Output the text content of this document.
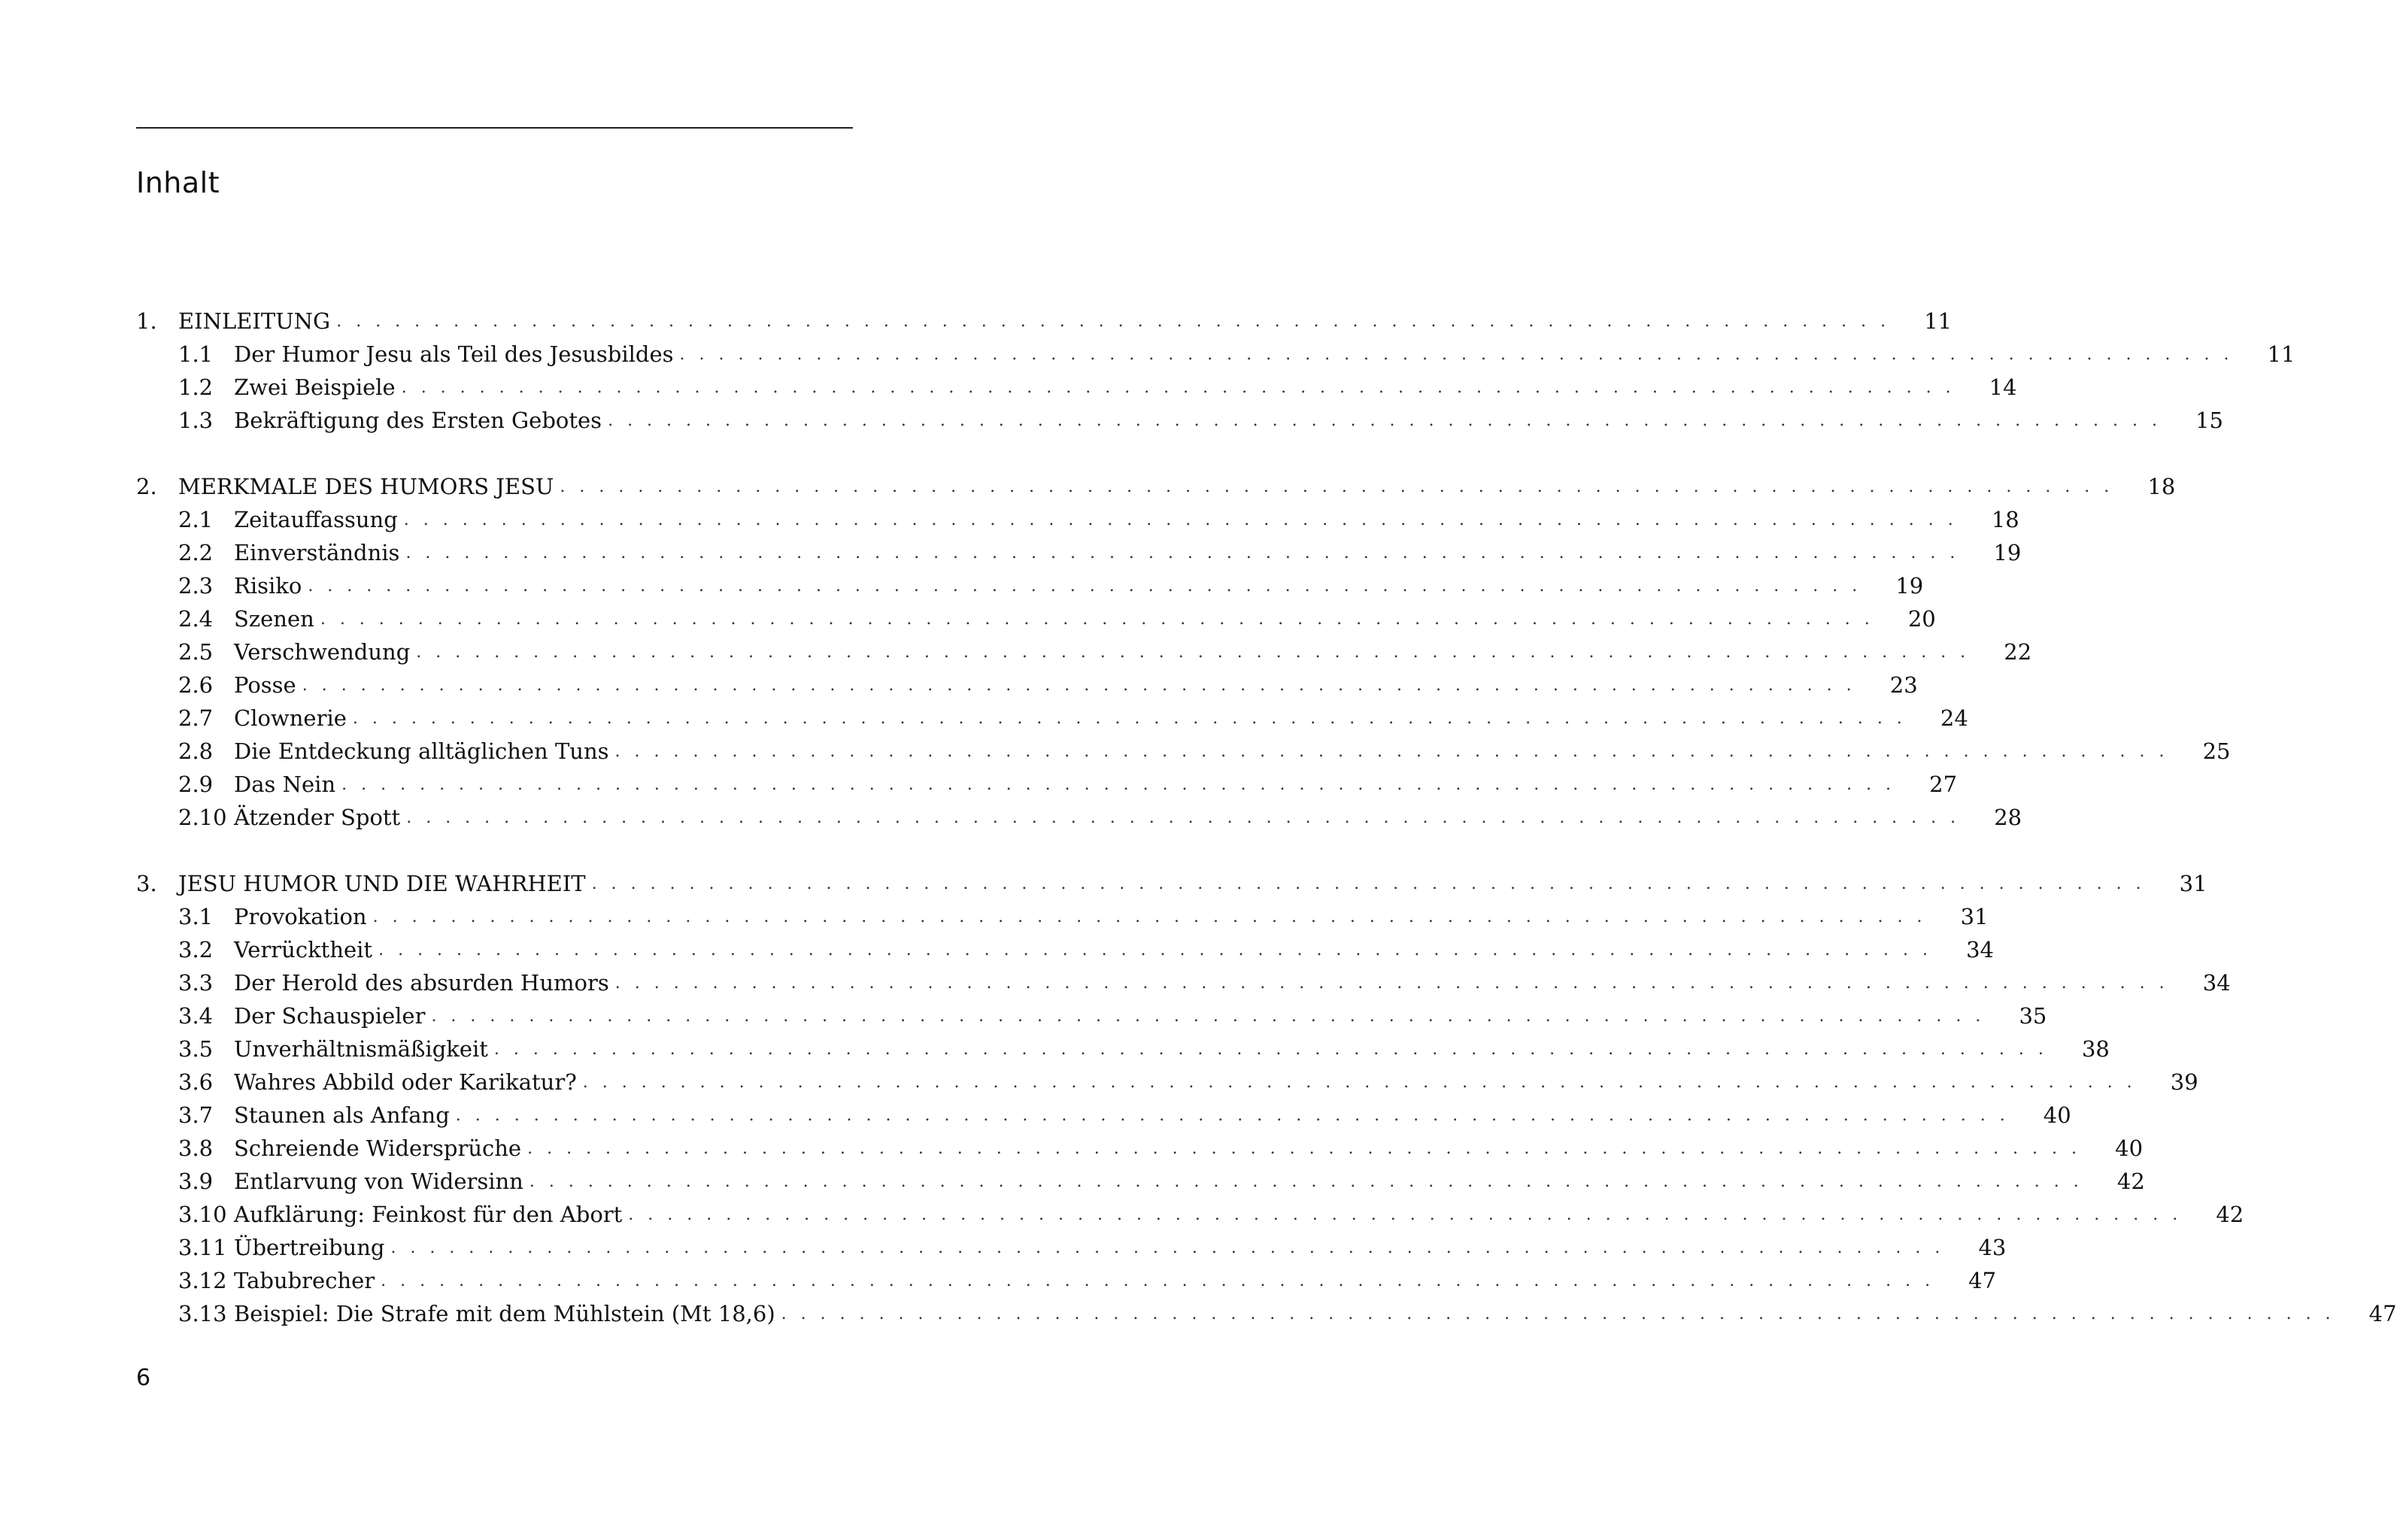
Inhalt
1. EINLEITUNG . . . . . . . . . . . . . . . . . . . . . . . . . . . . . . . . . . . . . . . . . . . . . . . . . . . . . . . . . . . . . . . . . . . . . . . . . . . . . . . . 11
1.1 Der Humor Jesu als Teil des Jesusbildes . . . . . . . . . . . . . . . . . . . . . . . . . . . . . . . . . . . . . . . . . . . . . . . . . . . . . . . . . . . . . . . . . . . . . . . . . . . . . . . . 11
1.2 Zwei Beispiele . . . . . . . . . . . . . . . . . . . . . . . . . . . . . . . . . . . . . . . . . . . . . . . . . . . . . . . . . . . . . . . . . . . . . . . . . . . . . . . . 14
1.3 Bekräftigung des Ersten Gebotes . . . . . . . . . . . . . . . . . . . . . . . . . . . . . . . . . . . . . . . . . . . . . . . . . . . . . . . . . . . . . . . . . . . . . . . . . . . . . . . . 15
2. MERKMALE DES HUMORS JESU . . . . . . . . . . . . . . . . . . . . . . . . . . . . . . . . . . . . . . . . . . . . . . . . . . . . . . . . . . . . . . . . . . . . . . . . . . . . . . . . 18
2.1 Zeitauffassung . . . . . . . . . . . . . . . . . . . . . . . . . . . . . . . . . . . . . . . . . . . . . . . . . . . . . . . . . . . . . . . . . . . . . . . . . . . . . . . . 18
2.2 Einverständnis . . . . . . . . . . . . . . . . . . . . . . . . . . . . . . . . . . . . . . . . . . . . . . . . . . . . . . . . . . . . . . . . . . . . . . . . . . . . . . . . 19
2.3 Risiko . . . . . . . . . . . . . . . . . . . . . . . . . . . . . . . . . . . . . . . . . . . . . . . . . . . . . . . . . . . . . . . . . . . . . . . . . . . . . . . . 19
2.4 Szenen . . . . . . . . . . . . . . . . . . . . . . . . . . . . . . . . . . . . . . . . . . . . . . . . . . . . . . . . . . . . . . . . . . . . . . . . . . . . . . . . 20
2.5 Verschwendung . . . . . . . . . . . . . . . . . . . . . . . . . . . . . . . . . . . . . . . . . . . . . . . . . . . . . . . . . . . . . . . . . . . . . . . . . . . . . . . . 22
2.6 Posse . . . . . . . . . . . . . . . . . . . . . . . . . . . . . . . . . . . . . . . . . . . . . . . . . . . . . . . . . . . . . . . . . . . . . . . . . . . . . . . . 23
2.7 Clownerie . . . . . . . . . . . . . . . . . . . . . . . . . . . . . . . . . . . . . . . . . . . . . . . . . . . . . . . . . . . . . . . . . . . . . . . . . . . . . . . . 24
2.8 Die Entdeckung alltäglichen Tuns . . . . . . . . . . . . . . . . . . . . . . . . . . . . . . . . . . . . . . . . . . . . . . . . . . . . . . . . . . . . . . . . . . . . . . . . . . . . . . . . 25
2.9 Das Nein . . . . . . . . . . . . . . . . . . . . . . . . . . . . . . . . . . . . . . . . . . . . . . . . . . . . . . . . . . . . . . . . . . . . . . . . . . . . . . . . 27
2.10 Ätzender Spott . . . . . . . . . . . . . . . . . . . . . . . . . . . . . . . . . . . . . . . . . . . . . . . . . . . . . . . . . . . . . . . . . . . . . . . . . . . . . . . . 28
3. JESU HUMOR UND DIE WAHRHEIT . . . . . . . . . . . . . . . . . . . . . . . . . . . . . . . . . . . . . . . . . . . . . . . . . . . . . . . . . . . . . . . . . . . . . . . . . . . . . . . . 31
3.1 Provokation . . . . . . . . . . . . . . . . . . . . . . . . . . . . . . . . . . . . . . . . . . . . . . . . . . . . . . . . . . . . . . . . . . . . . . . . . . . . . . . . 31
3.2 Verrücktheit . . . . . . . . . . . . . . . . . . . . . . . . . . . . . . . . . . . . . . . . . . . . . . . . . . . . . . . . . . . . . . . . . . . . . . . . . . . . . . . . 34
3.3 Der Herold des absurden Humors . . . . . . . . . . . . . . . . . . . . . . . . . . . . . . . . . . . . . . . . . . . . . . . . . . . . . . . . . . . . . . . . . . . . . . . . . . . . . . . . 34
3.4 Der Schauspieler . . . . . . . . . . . . . . . . . . . . . . . . . . . . . . . . . . . . . . . . . . . . . . . . . . . . . . . . . . . . . . . . . . . . . . . . . . . . . . . . 35
3.5 Unverhältnismäßigkeit . . . . . . . . . . . . . . . . . . . . . . . . . . . . . . . . . . . . . . . . . . . . . . . . . . . . . . . . . . . . . . . . . . . . . . . . . . . . . . . . 38
3.6 Wahres Abbild oder Karikatur? . . . . . . . . . . . . . . . . . . . . . . . . . . . . . . . . . . . . . . . . . . . . . . . . . . . . . . . . . . . . . . . . . . . . . . . . . . . . . . . . 39
3.7 Staunen als Anfang . . . . . . . . . . . . . . . . . . . . . . . . . . . . . . . . . . . . . . . . . . . . . . . . . . . . . . . . . . . . . . . . . . . . . . . . . . . . . . . . 40
3.8 Schreiende Widersprüche . . . . . . . . . . . . . . . . . . . . . . . . . . . . . . . . . . . . . . . . . . . . . . . . . . . . . . . . . . . . . . . . . . . . . . . . . . . . . . . . 40
3.9 Entlarvung von Widersinn . . . . . . . . . . . . . . . . . . . . . . . . . . . . . . . . . . . . . . . . . . . . . . . . . . . . . . . . . . . . . . . . . . . . . . . . . . . . . . . . 42
3.10 Aufklärung: Feinkost für den Abort . . . . . . . . . . . . . . . . . . . . . . . . . . . . . . . . . . . . . . . . . . . . . . . . . . . . . . . . . . . . . . . . . . . . . . . . . . . . . . . . 42
3.11 Übertreibung . . . . . . . . . . . . . . . . . . . . . . . . . . . . . . . . . . . . . . . . . . . . . . . . . . . . . . . . . . . . . . . . . . . . . . . . . . . . . . . . 43
3.12 Tabubrecher . . . . . . . . . . . . . . . . . . . . . . . . . . . . . . . . . . . . . . . . . . . . . . . . . . . . . . . . . . . . . . . . . . . . . . . . . . . . . . . . 47
3.13 Beispiel: Die Strafe mit dem Mühlstein (Mt 18,6) . . . . . . . . . . . . . . . . . . . . . . . . . . . . . . . . . . . . . . . . . . . . . . . . . . . . . . . . . . . . . . . . . . . . . . . . . . . . . . . . 47
6
